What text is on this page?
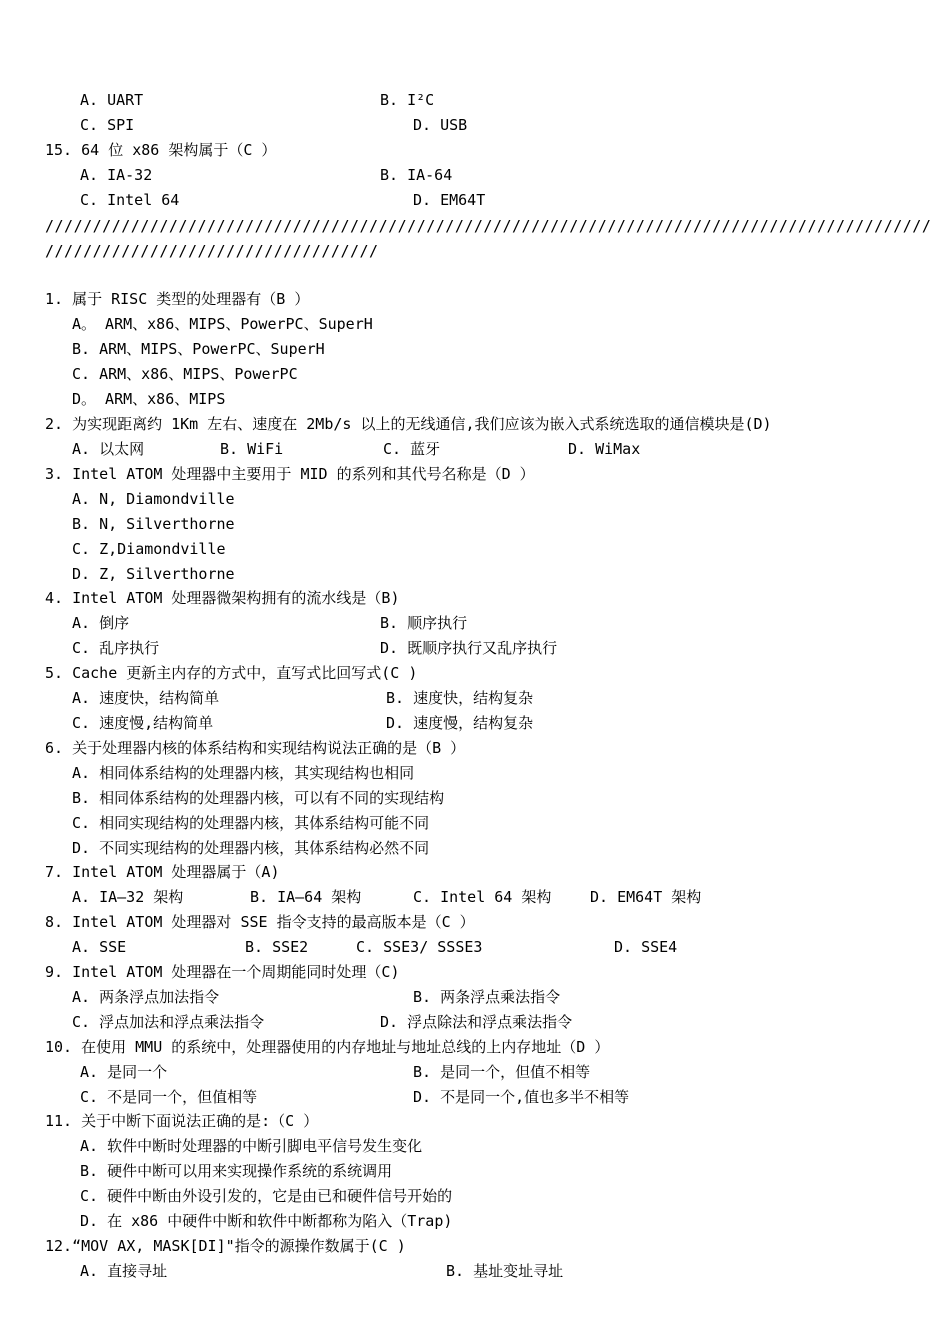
A. UART	B. I²C
C. SPI	D. USB
15. 64 位 x86 架构属于（C ）
A. IA-32	B. IA-64
C. Intel 64	D. EM64T
/////////////////////////////////////////////////////////////////////////////////////////////
///////////////////////////////////
1. 属于 RISC 类型的处理器有（B ）
A。 ARM、x86、MIPS、PowerPC、SuperH
B. ARM、MIPS、PowerPC、SuperH
C. ARM、x86、MIPS、PowerPC
D。 ARM、x86、MIPS
2. 为实现距离约 1Km 左右、速度在 2Mb/s 以上的无线通信,我们应该为嵌入式系统选取的通信模块是(D)
A. 以太网	B. WiFi	C. 蓝牙	D. WiMax
3. Intel ATOM 处理器中主要用于 MID 的系列和其代号名称是（D ）
A. N, Diamondville
B. N, Silverthorne
C. Z,Diamondville
D. Z, Silverthorne
4. Intel ATOM 处理器微架构拥有的流水线是（B)
A. 倒序	B. 顺序执行
C. 乱序执行	D. 既顺序执行又乱序执行
5. Cache 更新主内存的方式中，直写式比回写式(C )
A. 速度快，结构简单	B. 速度快，结构复杂
C. 速度慢,结构简单	D. 速度慢，结构复杂
6. 关于处理器内核的体系结构和实现结构说法正确的是（B ）
A. 相同体系结构的处理器内核，其实现结构也相同
B. 相同体系结构的处理器内核，可以有不同的实现结构
C. 相同实现结构的处理器内核，其体系结构可能不同
D. 不同实现结构的处理器内核，其体系结构必然不同
7. Intel ATOM 处理器属于（A)
A. IA—32 架构	B. IA—64 架构	C. Intel 64 架构	D. EM64T 架构
8. Intel ATOM 处理器对 SSE 指令支持的最高版本是（C ）
A. SSE	B. SSE2	C. SSE3/ SSSE3	D. SSE4
9. Intel ATOM 处理器在一个周期能同时处理（C)
A. 两条浮点加法指令	B. 两条浮点乘法指令
C. 浮点加法和浮点乘法指令	D. 浮点除法和浮点乘法指令
10. 在使用 MMU 的系统中，处理器使用的内存地址与地址总线的上内存地址（D ）
A. 是同一个	B. 是同一个，但值不相等
C. 不是同一个，但值相等	D. 不是同一个,值也多半不相等
11. 关于中断下面说法正确的是:（C ）
A. 软件中断时处理器的中断引脚电平信号发生变化
B. 硬件中断可以用来实现操作系统的系统调用
C. 硬件中断由外设引发的，它是由已和硬件信号开始的
D. 在 x86 中硬件中断和软件中断都称为陷入（Trap)
12.“MOV AX, MASK[DI]"指令的源操作数属于(C )
A. 直接寻址	B. 基址变址寻址
